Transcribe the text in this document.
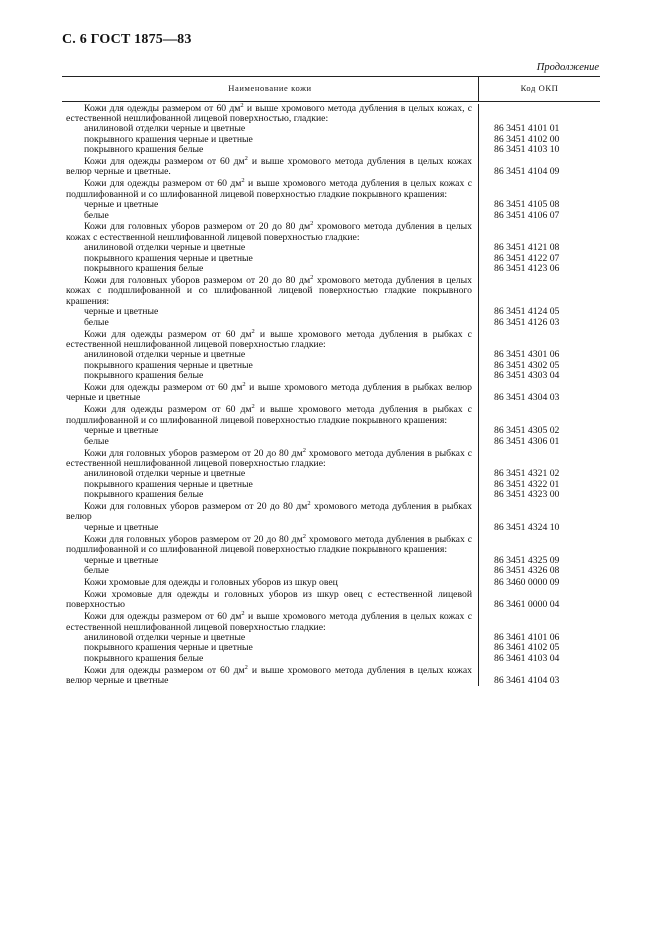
С. 6 ГОСТ 1875—83
Продолжение
Наименование кожи	Код ОКП
Кожи для одежды размером от 60 $дм^2$ и выше хромового метода дубления в целых кожах, с естественной нешлифованной лицевой поверхностью, гладкие:
анилиновой отделки черные и цветные	86 3451 4101 01
покрывного крашения черные и цветные	86 3451 4102 00
покрывного крашения белые	86 3451 4103 10
Кожи для одежды размером от 60 $дм^2$ и выше хромового метода дубления в целых кожах велюр черные и цветные.	86 3451 4104 09
Кожи для одежды размером от 60 $дм^2$ и выше хромового метода дубления в целых кожах с подшлифованной и со шлифованной лицевой поверхностью гладкие покрывного крашения:
черные и цветные	86 3451 4105 08
белые	86 3451 4106 07
Кожи для головных уборов размером от 20 до 80 $дм^2$ хромового метода дубления в целых кожах с естественной нешлифованной лицевой поверхностью гладкие:
анилиновой отделки черные и цветные	86 3451 4121 08
покрывного крашения черные и цветные	86 3451 4122 07
покрывного крашения белые	86 3451 4123 06
Кожи для головных уборов размером от 20 до 80 $дм^2$ хромового метода дубления в целых кожах с подшлифованной и со шлифованной лицевой поверхностью гладкие покрывного крашения:
черные и цветные	86 3451 4124 05
белые	86 3451 4126 03
Кожи для одежды размером от 60 $дм^2$ и выше хромового метода дубления в рыбках с естественной нешлифованной лицевой поверхностью гладкие:
анилиновой отделки черные и цветные	86 3451 4301 06
покрывного крашения черные и цветные	86 3451 4302 05
покрывного крашения белые	86 3451 4303 04
Кожи для одежды размером от 60 $дм^2$ и выше хромового метода дубления в рыбках велюр черные и цветные	86 3451 4304 03
Кожи для одежды размером от 60 $дм^2$ и выше хромового метода дубления в рыбках с подшлифованной и со шлифованной лицевой поверхностью гладкие покрывного крашения:
черные и цветные	86 3451 4305 02
белые	86 3451 4306 01
Кожи для головных уборов размером от 20 до 80 $дм^2$ хромового метода дубления в рыбках с естественной нешлифованной лицевой поверхностью гладкие:
анилиновой отделки черные и цветные	86 3451 4321 02
покрывного крашения черные и цветные	86 3451 4322 01
покрывного крашения белые	86 3451 4323 00
Кожи для головных уборов размером от 20 до 80 $дм^2$ хромового метода дубления в рыбках велюр
черные и цветные	86 3451 4324 10
Кожи для головных уборов размером от 20 до 80 $дм^2$ хромового метода дубления в рыбках с подшлифованной и со шлифованной лицевой поверхностью гладкие покрывного крашения:
черные и цветные	86 3451 4325 09
белые	86 3451 4326 08
Кожи хромовые для одежды и головных уборов из шкур овец	86 3460 0000 09
Кожи хромовые для одежды и головных уборов из шкур овец с естественной лицевой поверхностью	86 3461 0000 04
Кожи для одежды размером от 60 $дм^2$ и выше хромового метода дубления в целых кожах с естественной нешлифованной лицевой поверхностью гладкие:
анилиновой отделки черные и цветные	86 3461 4101 06
покрывного крашения черные и цветные	86 3461 4102 05
покрывного крашения белые	86 3461 4103 04
Кожи для одежды размером от 60 $дм^2$ и выше хромового метода дубления в целых кожах велюр черные и цветные	86 3461 4104 03
